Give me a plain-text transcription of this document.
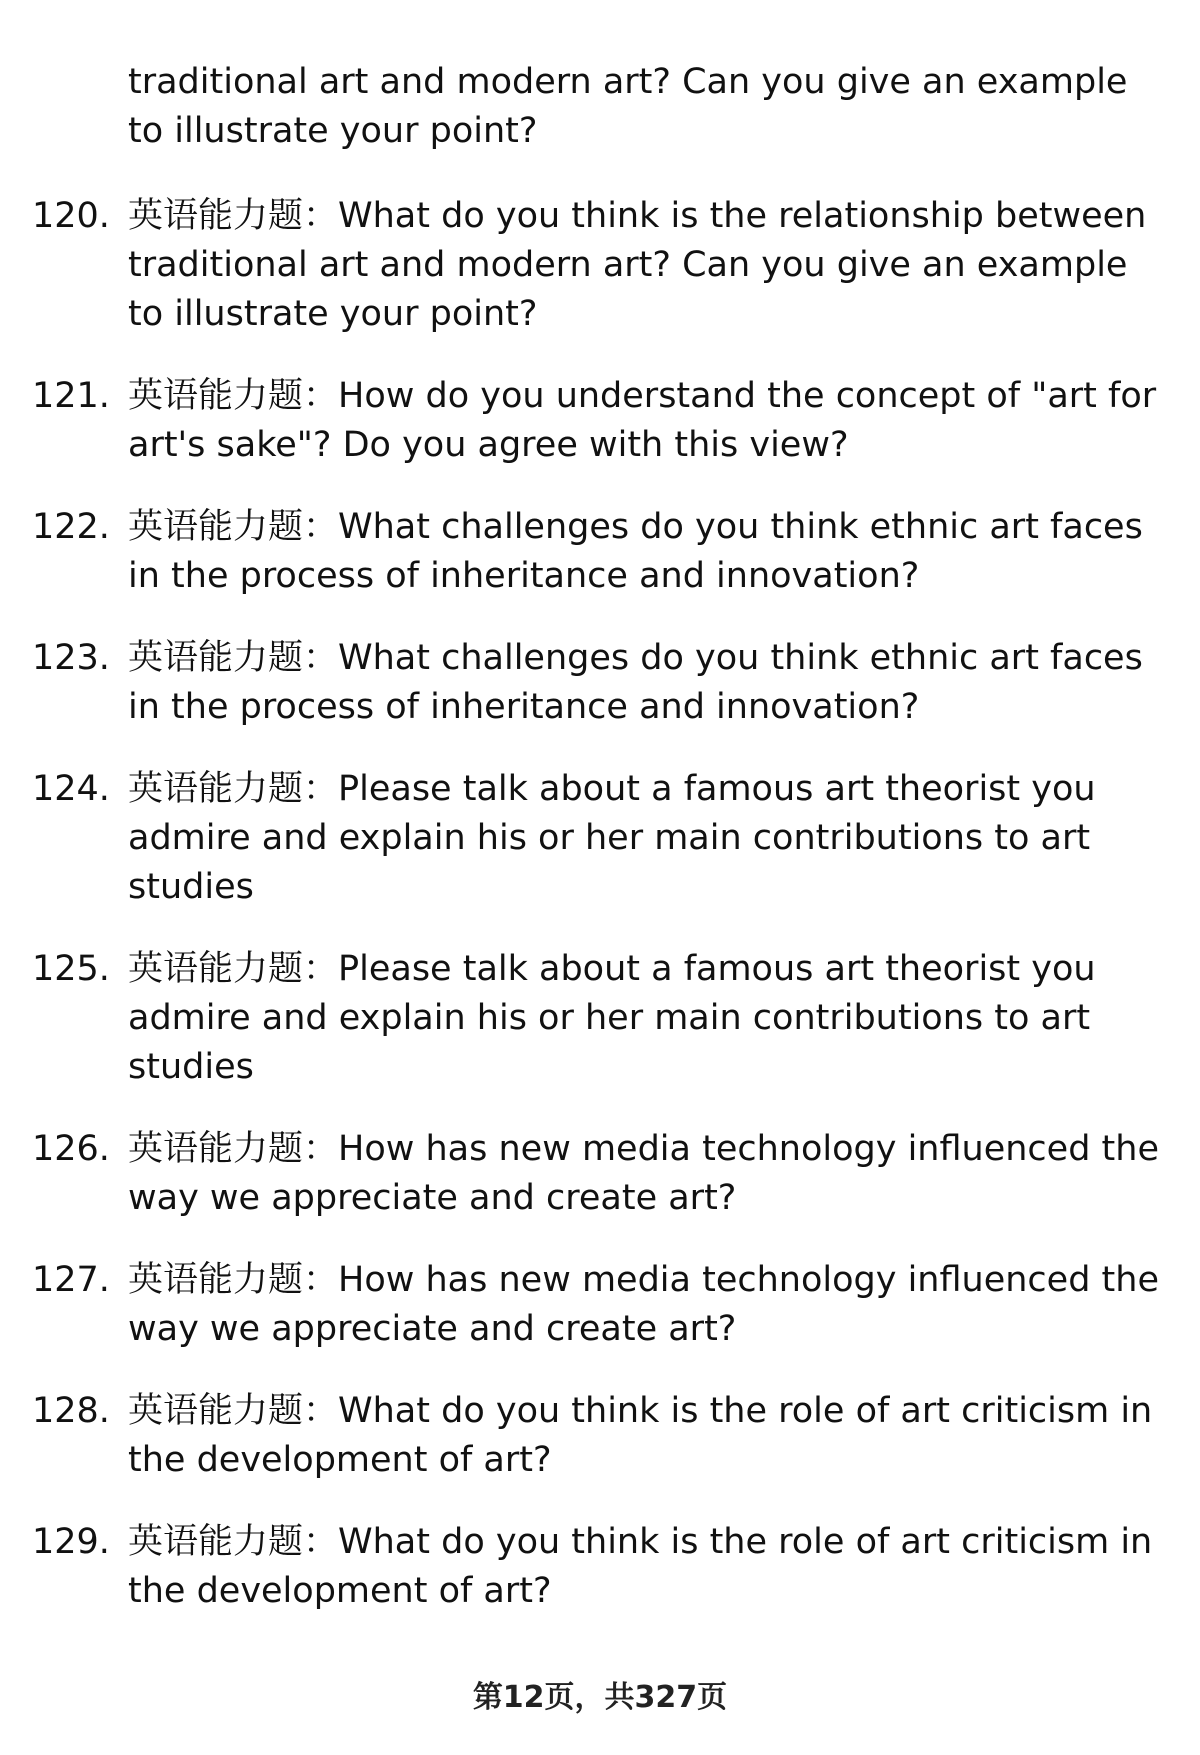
traditional art and modern art? Can you give an example to illustrate your point?
120. 英语能力题：What do you think is the relationship between traditional art and modern art? Can you give an example to illustrate your point?
121. 英语能力题：How do you understand the concept of "art for art's sake"? Do you agree with this view?
122. 英语能力题：What challenges do you think ethnic art faces in the process of inheritance and innovation?
123. 英语能力题：What challenges do you think ethnic art faces in the process of inheritance and innovation?
124. 英语能力题：Please talk about a famous art theorist you admire and explain his or her main contributions to art studies
125. 英语能力题：Please talk about a famous art theorist you admire and explain his or her main contributions to art studies
126. 英语能力题：How has new media technology influenced the way we appreciate and create art?
127. 英语能力题：How has new media technology influenced the way we appreciate and create art?
128. 英语能力题：What do you think is the role of art criticism in the development of art?
129. 英语能力题：What do you think is the role of art criticism in the development of art?
第12页，共327页
